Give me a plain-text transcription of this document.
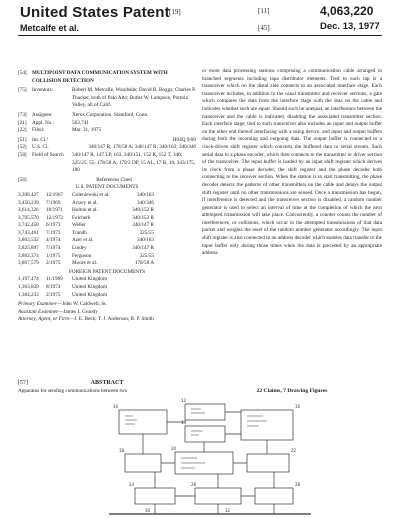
United States Patent [19]
Metcalfe et al.
[11]	4,063,220
[45]	Dec. 13, 1977
[54]	MULTIPOINT DATA COMMUNICATION SYSTEM WITH COLLISION DETECTION
[75]	Inventors:	Robert M. Metcalfe, Woodside; David R. Boggs; Charles P. Thacker, both of Palo Alto; Butler W. Lampson, Portola Valley, all of Calif.
[73]	Assignee:	Xerox Corporation, Stamford, Conn.
[21]	Appl. No.:	563,741
[22]	Filed:	Mar. 31, 1975
[51]	Int. Cl.²	H04Q 9/00
[52]	U.S. Cl.	340/147 R; 178/58 A; 340/147 R; 340/163; 340/346
[58]	Field of Search	340/147 R, 147 LP, 163, 340/151, 152 R, 152 T, 346; 325/25, 55; 178/58 A; 179/2 DP, 15 AL, 17 B, 18; 343/175, 180
[56]	References Cited
U.S. PATENT DOCUMENTS
3,308,427	12/1967	Goleniewski et al.	340/163
3,456,239	7/1969	Arracy et al.	340/346
3,614,326	10/1971	Holton et al.	340/152 R
3,705,570	12/1972	Fulcherk	340/152 R
3,742,450	6/1973	Weller	340/147 R
3,743,461	7/1973	Trandh	325/55
3,803,532	4/1974	Azer et al.	340/163
3,825,897	7/1974	Lindey	340/147 R
3,862,374	1/1975	Ferguson	325/55
3,867,579	2/1975	Moore et al.	178/58 A
FOREIGN PATENT DOCUMENTS
1,197,474	11/1969	United Kingdom
1,363,839	8/1974	United Kingdom
1,384,233	2/1975	United Kingdom
Primary Examiner—John W. Caldwell, Sr.
Assistant Examiner—James J. Groody
Attorney, Agent, or Firm—J. E. Beck; T. J. Anderson; B. P. Smith
[57]	ABSTRACT
Apparatus for sending communications between two
or more data processing stations comprising a communication cable arranged in branched segments including tapa distributor elements. Tied to each tap is a transceiver which on the distal side connects to an associated interface stage. Each transceiver includes, in addition to the usual transmitter and receiver sections, a gate which compares the data from the interface stage with the data on the cable and indicates whether such are equal. Should such be unequal, an interference between the transceiver and the cable is indicated, disabling the associated transmitter section. Each interface stage, tied to such transceiver also includes an input and output buffer on the other end thereof interfacing with a using device, and input and output buffers during both the incoming and outgoing data. The output buffer is connected to a clock-driven shift register which converts the buffered data to serial stream. Such serial data to a phase encoder, which then connects to the transmitter or driver section of the transceiver. The input buffer is loaded by an input shift register which derives its clock from a phase decoder, the shift register and the phase decoder both connecting to the receiver section. When the station is to start transmitting, the phase decoder detects the patterns of other transmitters on the cable and delays the output shift register until no other transmissions are sensed. Once a transmission has begun, if interference is detected and the transceiver section is disabled, a random number generator is used to select an interval of time at the completion of which the next attempted transmission will take place. Concurrently, a counter counts the number of interferences, or collisions, which occur in the attempted transmissions of that data packet and weights the reset of the random number generator accordingly. The input shift register is also connected to an address decoder which enables data transfer to the input buffer only during those times when the data is preceded by an appropriate address.
22 Claims, 7 Drawing Figures
10
12
14
16
18	20	22
24	26	28
30	32
